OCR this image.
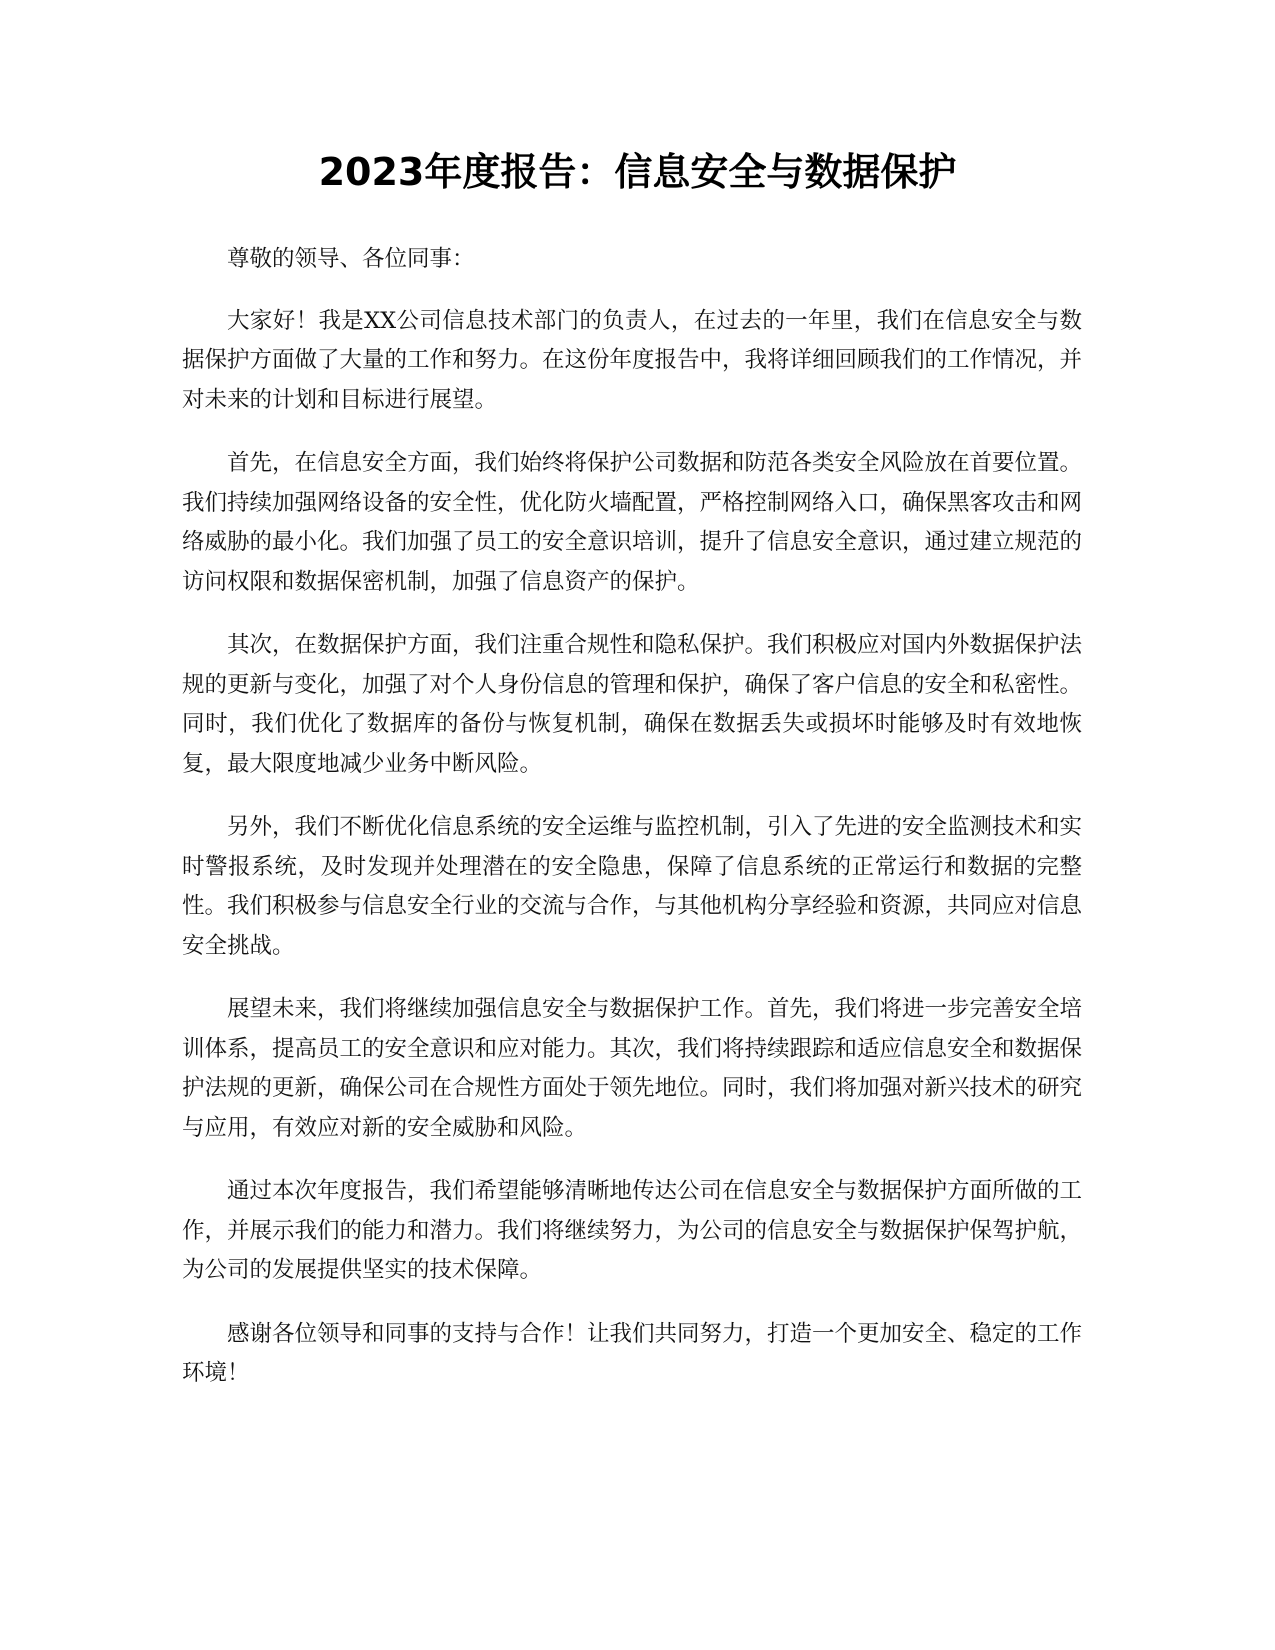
2023年度报告：信息安全与数据保护

尊敬的领导、各位同事：

大家好！我是XX公司信息技术部门的负责人，在过去的一年里，我们在信息安全与数据保护方面做了大量的工作和努力。在这份年度报告中，我将详细回顾我们的工作情况，并对未来的计划和目标进行展望。

首先，在信息安全方面，我们始终将保护公司数据和防范各类安全风险放在首要位置。我们持续加强网络设备的安全性，优化防火墙配置，严格控制网络入口，确保黑客攻击和网络威胁的最小化。我们加强了员工的安全意识培训，提升了信息安全意识，通过建立规范的访问权限和数据保密机制，加强了信息资产的保护。

其次，在数据保护方面，我们注重合规性和隐私保护。我们积极应对国内外数据保护法规的更新与变化，加强了对个人身份信息的管理和保护，确保了客户信息的安全和私密性。同时，我们优化了数据库的备份与恢复机制，确保在数据丢失或损坏时能够及时有效地恢复，最大限度地减少业务中断风险。

另外，我们不断优化信息系统的安全运维与监控机制，引入了先进的安全监测技术和实时警报系统，及时发现并处理潜在的安全隐患，保障了信息系统的正常运行和数据的完整性。我们积极参与信息安全行业的交流与合作，与其他机构分享经验和资源，共同应对信息安全挑战。

展望未来，我们将继续加强信息安全与数据保护工作。首先，我们将进一步完善安全培训体系，提高员工的安全意识和应对能力。其次，我们将持续跟踪和适应信息安全和数据保护法规的更新，确保公司在合规性方面处于领先地位。同时，我们将加强对新兴技术的研究与应用，有效应对新的安全威胁和风险。

通过本次年度报告，我们希望能够清晰地传达公司在信息安全与数据保护方面所做的工作，并展示我们的能力和潜力。我们将继续努力，为公司的信息安全与数据保护保驾护航，为公司的发展提供坚实的技术保障。

感谢各位领导和同事的支持与合作！让我们共同努力，打造一个更加安全、稳定的工作环境！
